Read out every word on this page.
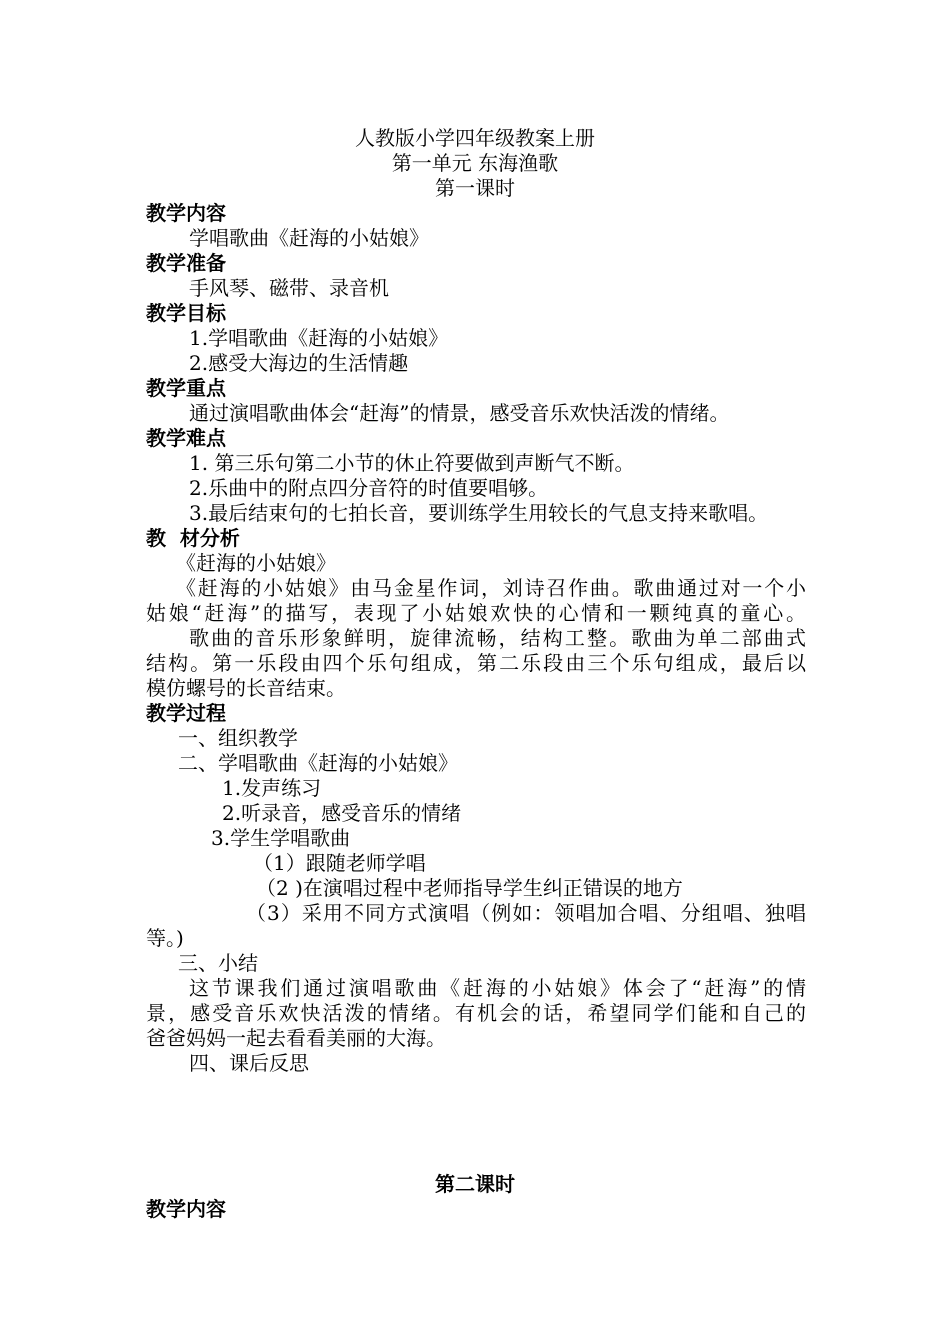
人教版小学四年级教案上册
第一单元 东海渔歌
第一课时
教学内容
学唱歌曲《赶海的小姑娘》
教学准备
手风琴、磁带、录音机
教学目标
1.学唱歌曲《赶海的小姑娘》
2.感受大海边的生活情趣
教学重点
通过演唱歌曲体会“赶海”的情景，感受音乐欢快活泼的情绪。
教学难点
1. 第三乐句第二小节的休止符要做到声断气不断。
2.乐曲中的附点四分音符的时值要唱够。
3.最后结束句的七拍长音，要训练学生用较长的气息支持来歌唱。
教  材分析
《赶海的小姑娘》
《赶海的小姑娘》由马金星作词，刘诗召作曲。歌曲通过对一个小
姑娘“赶海”的描写，表现了小姑娘欢快的心情和一颗纯真的童心。
歌曲的音乐形象鲜明，旋律流畅，结构工整。歌曲为单二部曲式
结构。第一乐段由四个乐句组成，第二乐段由三个乐句组成，最后以
模仿螺号的长音结束。
教学过程
一、组织教学
二、学唱歌曲《赶海的小姑娘》
1.发声练习
2.听录音，感受音乐的情绪
3.学生学唱歌曲
（1）跟随老师学唱
（2 )在演唱过程中老师指导学生纠正错误的地方
（3）采用不同方式演唱（例如：领唱加合唱、分组唱、独唱
等。)
三、小结
这节课我们通过演唱歌曲《赶海的小姑娘》体会了“赶海”的情
景，感受音乐欢快活泼的情绪。有机会的话，希望同学们能和自己的
爸爸妈妈一起去看看美丽的大海。
四、课后反思
第二课时
教学内容
